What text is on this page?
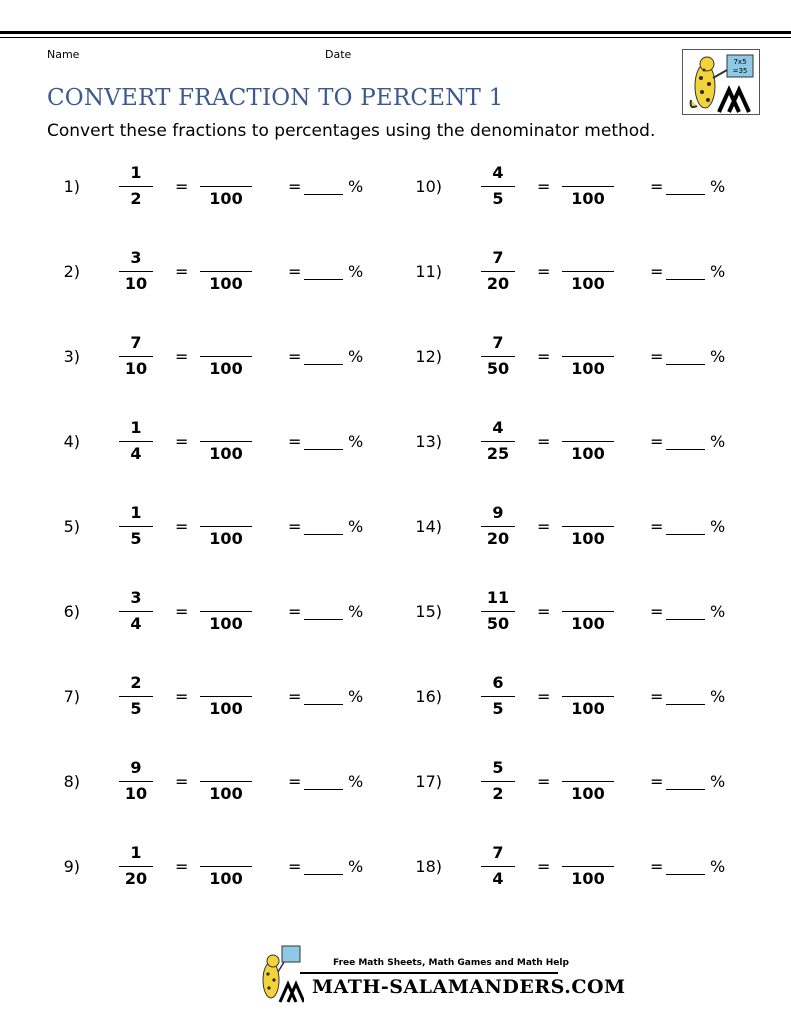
Name	Date
7x5
=35
CONVERT FRACTION TO PERCENT 1
Convert these fractions to percentages using the denominator method.
1)
1
2
=
100
=	%
2)
3
10
=
100
=	%
3)
7
10
=
100
=	%
4)
1
4
=
100
=	%
5)
1
5
=
100
=	%
6)
3
4
=
100
=	%
7)
2
5
=
100
=	%
8)
9
10
=
100
=	%
9)
1
20
=
100
=	%
10)
4
5
=
100
=	%
11)
7
20
=
100
=	%
12)
7
50
=
100
=	%
13)
4
25
=
100
=	%
14)
9
20
=
100
=	%
15)
11
50
=
100
=	%
16)
6
5
=
100
=	%
17)
5
2
=
100
=	%
18)
7
4
=
100
=	%
Free Math Sheets, Math Games and Math Help
MATH-SALAMANDERS.COM
